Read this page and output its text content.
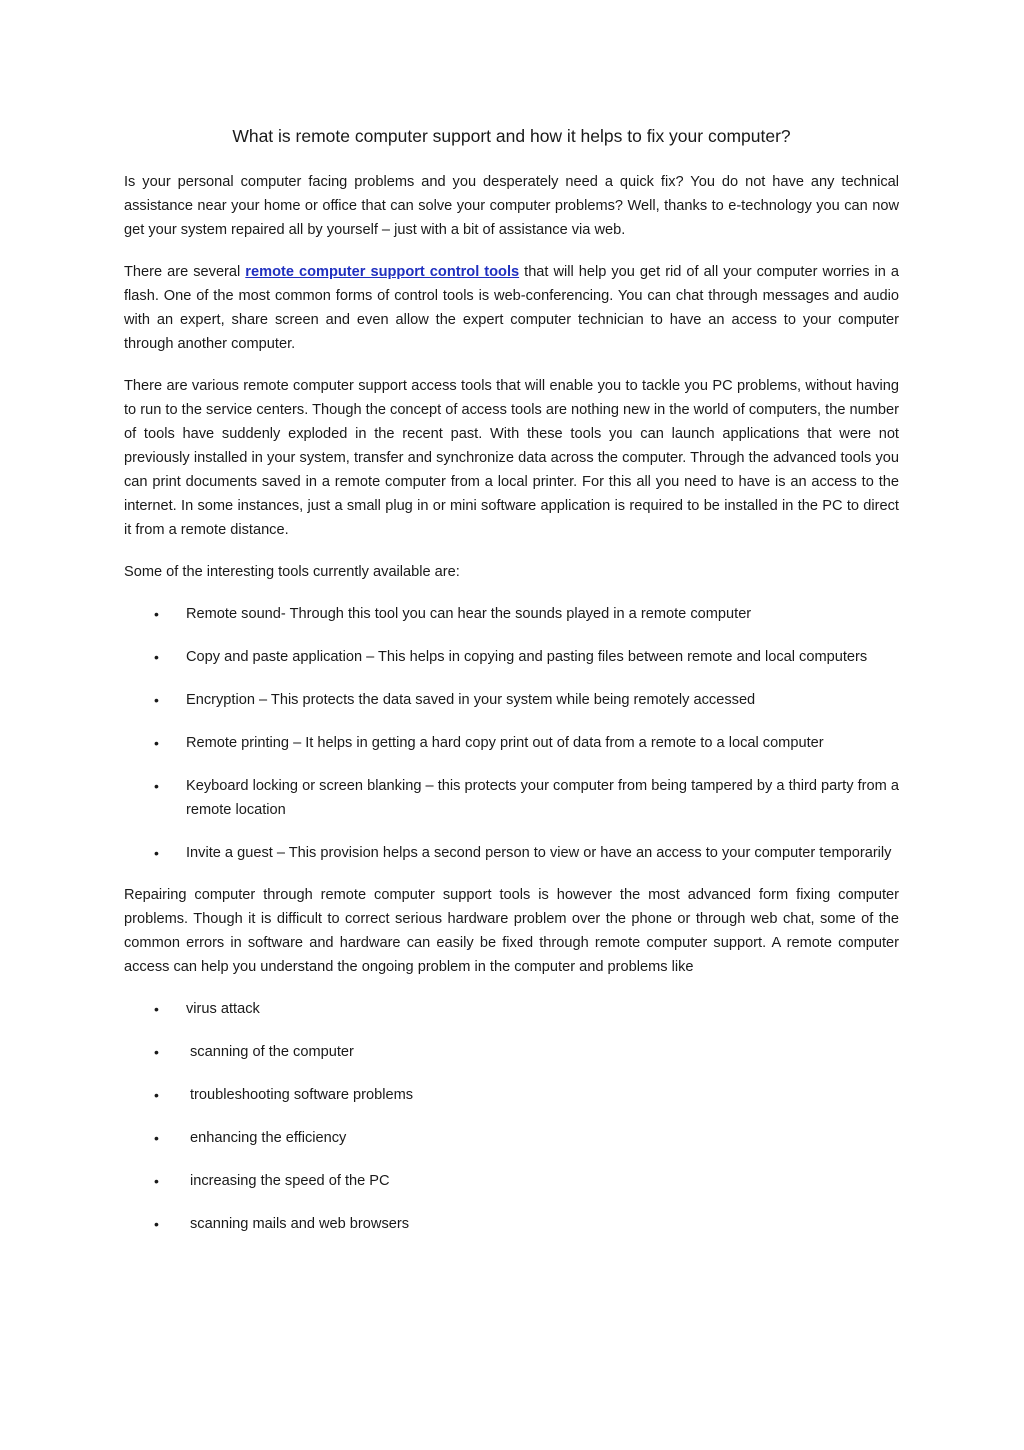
What is remote computer support and how it helps to fix your computer?

Is your personal computer facing problems and you desperately need a quick fix? You do not have any technical assistance near your home or office that can solve your computer problems? Well, thanks to e-technology you can now get your system repaired all by yourself – just with a bit of assistance via web.

There are several remote computer support control tools that will help you get rid of all your computer worries in a flash. One of the most common forms of control tools is web-conferencing. You can chat through messages and audio with an expert, share screen and even allow the expert computer technician to have an access to your computer through another computer.

There are various remote computer support access tools that will enable you to tackle you PC problems, without having to run to the service centers. Though the concept of access tools are nothing new in the world of computers, the number of tools have suddenly exploded in the recent past. With these tools you can launch applications that were not previously installed in your system, transfer and synchronize data across the computer. Through the advanced tools you can print documents saved in a remote computer from a local printer. For this all you need to have is an access to the internet. In some instances, just a small plug in or mini software application is required to be installed in the PC to direct it from a remote distance.

Some of the interesting tools currently available are:

• Remote sound- Through this tool you can hear the sounds played in a remote computer
• Copy and paste application – This helps in copying and pasting files between remote and local computers
• Encryption – This protects the data saved in your system while being remotely accessed
• Remote printing – It helps in getting a hard copy print out of data from a remote to a local computer
• Keyboard locking or screen blanking – this protects your computer from being tampered by a third party from a remote location
• Invite a guest – This provision helps a second person to view or have an access to your computer temporarily

Repairing computer through remote computer support tools is however the most advanced form fixing computer problems. Though it is difficult to correct serious hardware problem over the phone or through web chat, some of the common errors in software and hardware can easily be fixed through remote computer support. A remote computer access can help you understand the ongoing problem in the computer and problems like

• virus attack
• scanning of the computer
• troubleshooting software problems
• enhancing the efficiency
• increasing the speed of the PC
• scanning mails and web browsers
